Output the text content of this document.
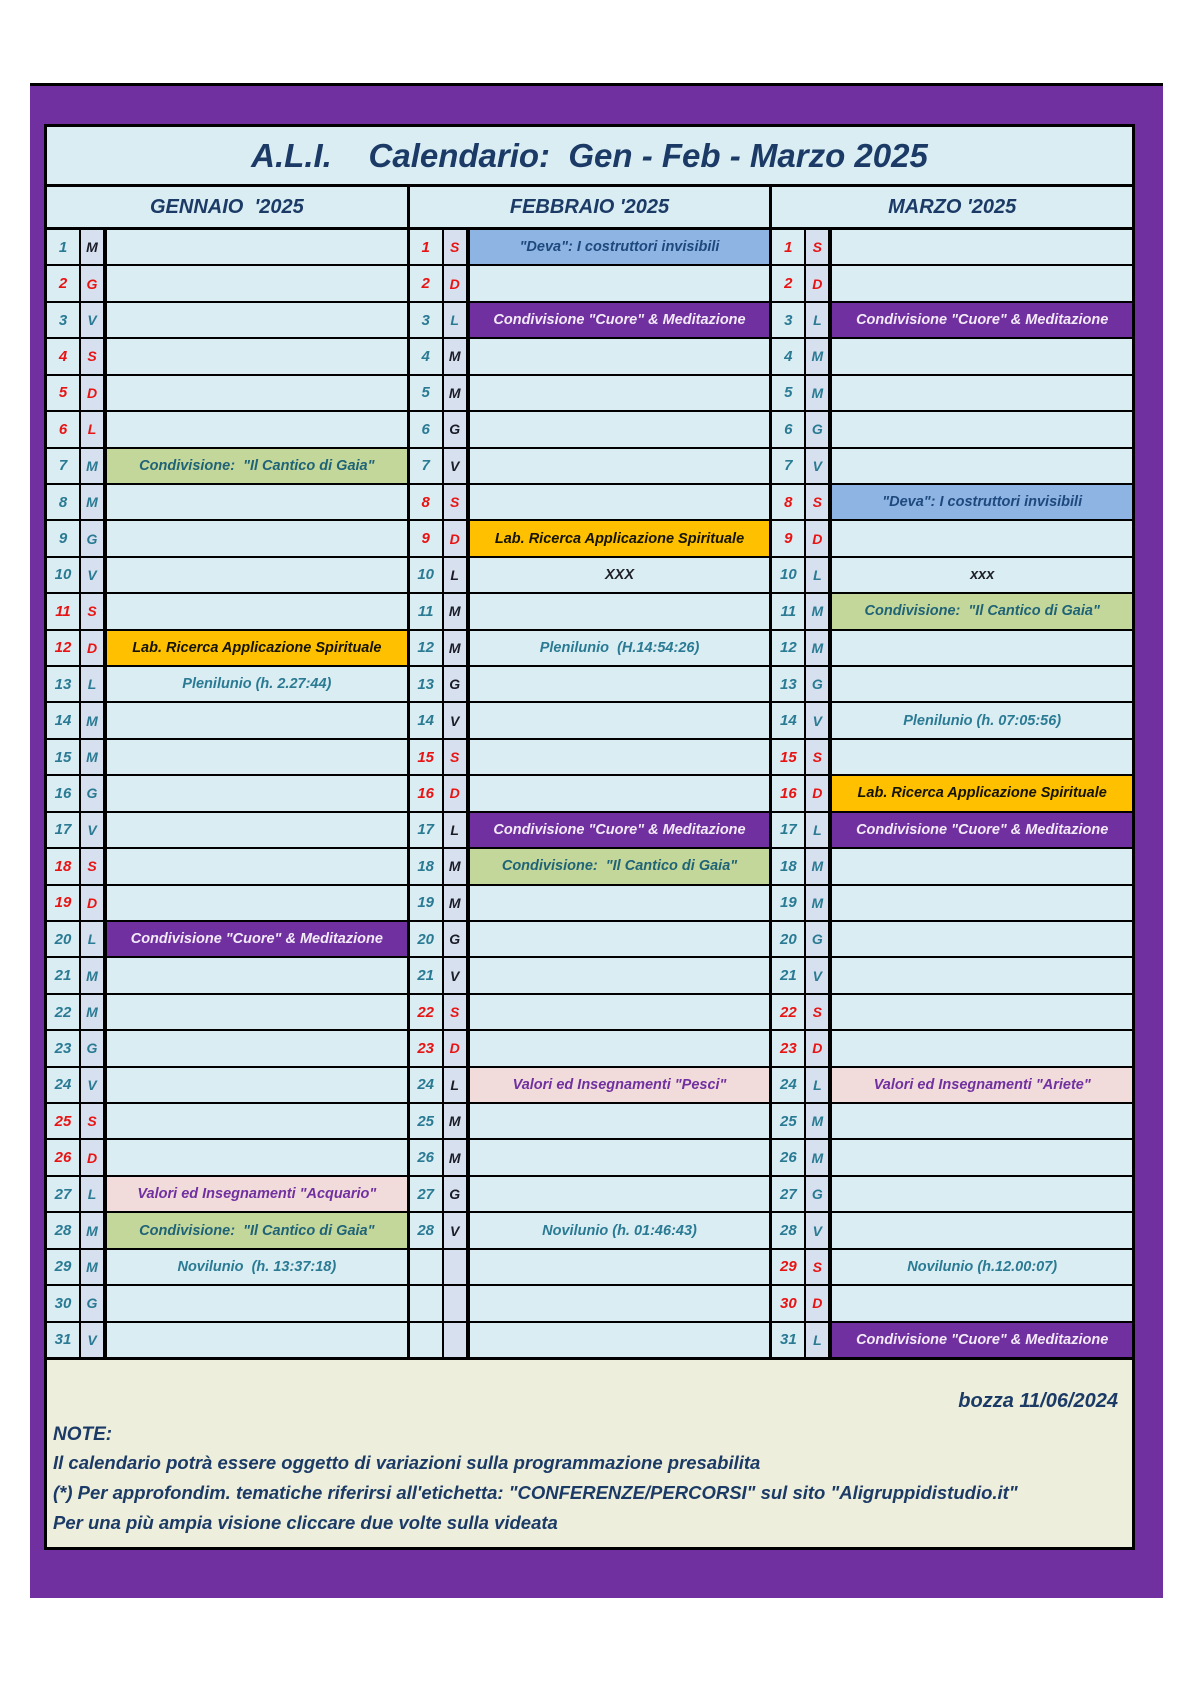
A.L.I.    Calendario:  Gen - Feb - Marzo 2025
GENNAIO  '2025	FEBBRAIO '2025	MARZO '2025
1	M
2	G
3	V
4	S
5	D
6	L
7	M	Condivisione:  "Il Cantico di Gaia"
8	M
9	G
10	V
11	S
12	D	Lab. Ricerca Applicazione Spirituale
13	L	Plenilunio (h. 2.27:44)
14	M
15	M
16	G
17	V
18	S
19	D
20	L	Condivisione "Cuore" & Meditazione
21	M
22	M
23	G
24	V
25	S
26	D
27	L	Valori ed Insegnamenti "Acquario"
28	M	Condivisione:  "Il Cantico di Gaia"
29	M	Novilunio  (h. 13:37:18)
30	G
31	V
1	S	"Deva": I costruttori invisibili
2	D
3	L	Condivisione "Cuore" & Meditazione
4	M
5	M
6	G
7	V
8	S
9	D	Lab. Ricerca Applicazione Spirituale
10	L	XXX
11	M
12	M	Plenilunio  (H.14:54:26)
13	G
14	V
15	S
16	D
17	L	Condivisione "Cuore" & Meditazione
18	M	Condivisione:  "Il Cantico di Gaia"
19	M
20	G
21	V
22	S
23	D
24	L	Valori ed Insegnamenti "Pesci"
25	M
26	M
27	G
28	V	Novilunio (h. 01:46:43)
1	S
2	D
3	L	Condivisione "Cuore" & Meditazione
4	M
5	M
6	G
7	V
8	S	"Deva": I costruttori invisibili
9	D
10	L	xxx
11	M	Condivisione:  "Il Cantico di Gaia"
12	M
13	G
14	V	Plenilunio (h. 07:05:56)
15	S
16	D	Lab. Ricerca Applicazione Spirituale
17	L	Condivisione "Cuore" & Meditazione
18	M
19	M
20	G
21	V
22	S
23	D
24	L	Valori ed Insegnamenti "Ariete"
25	M
26	M
27	G
28	V
29	S	Novilunio (h.12.00:07)
30	D
31	L	Condivisione "Cuore" & Meditazione
bozza 11/06/2024
NOTE:
Il calendario potrà essere oggetto di variazioni sulla programmazione presabilita
(*) Per approfondim. tematiche riferirsi all'etichetta: "CONFERENZE/PERCORSI" sul sito "Aligruppidistudio.it"
Per una più ampia visione cliccare due volte sulla videata
